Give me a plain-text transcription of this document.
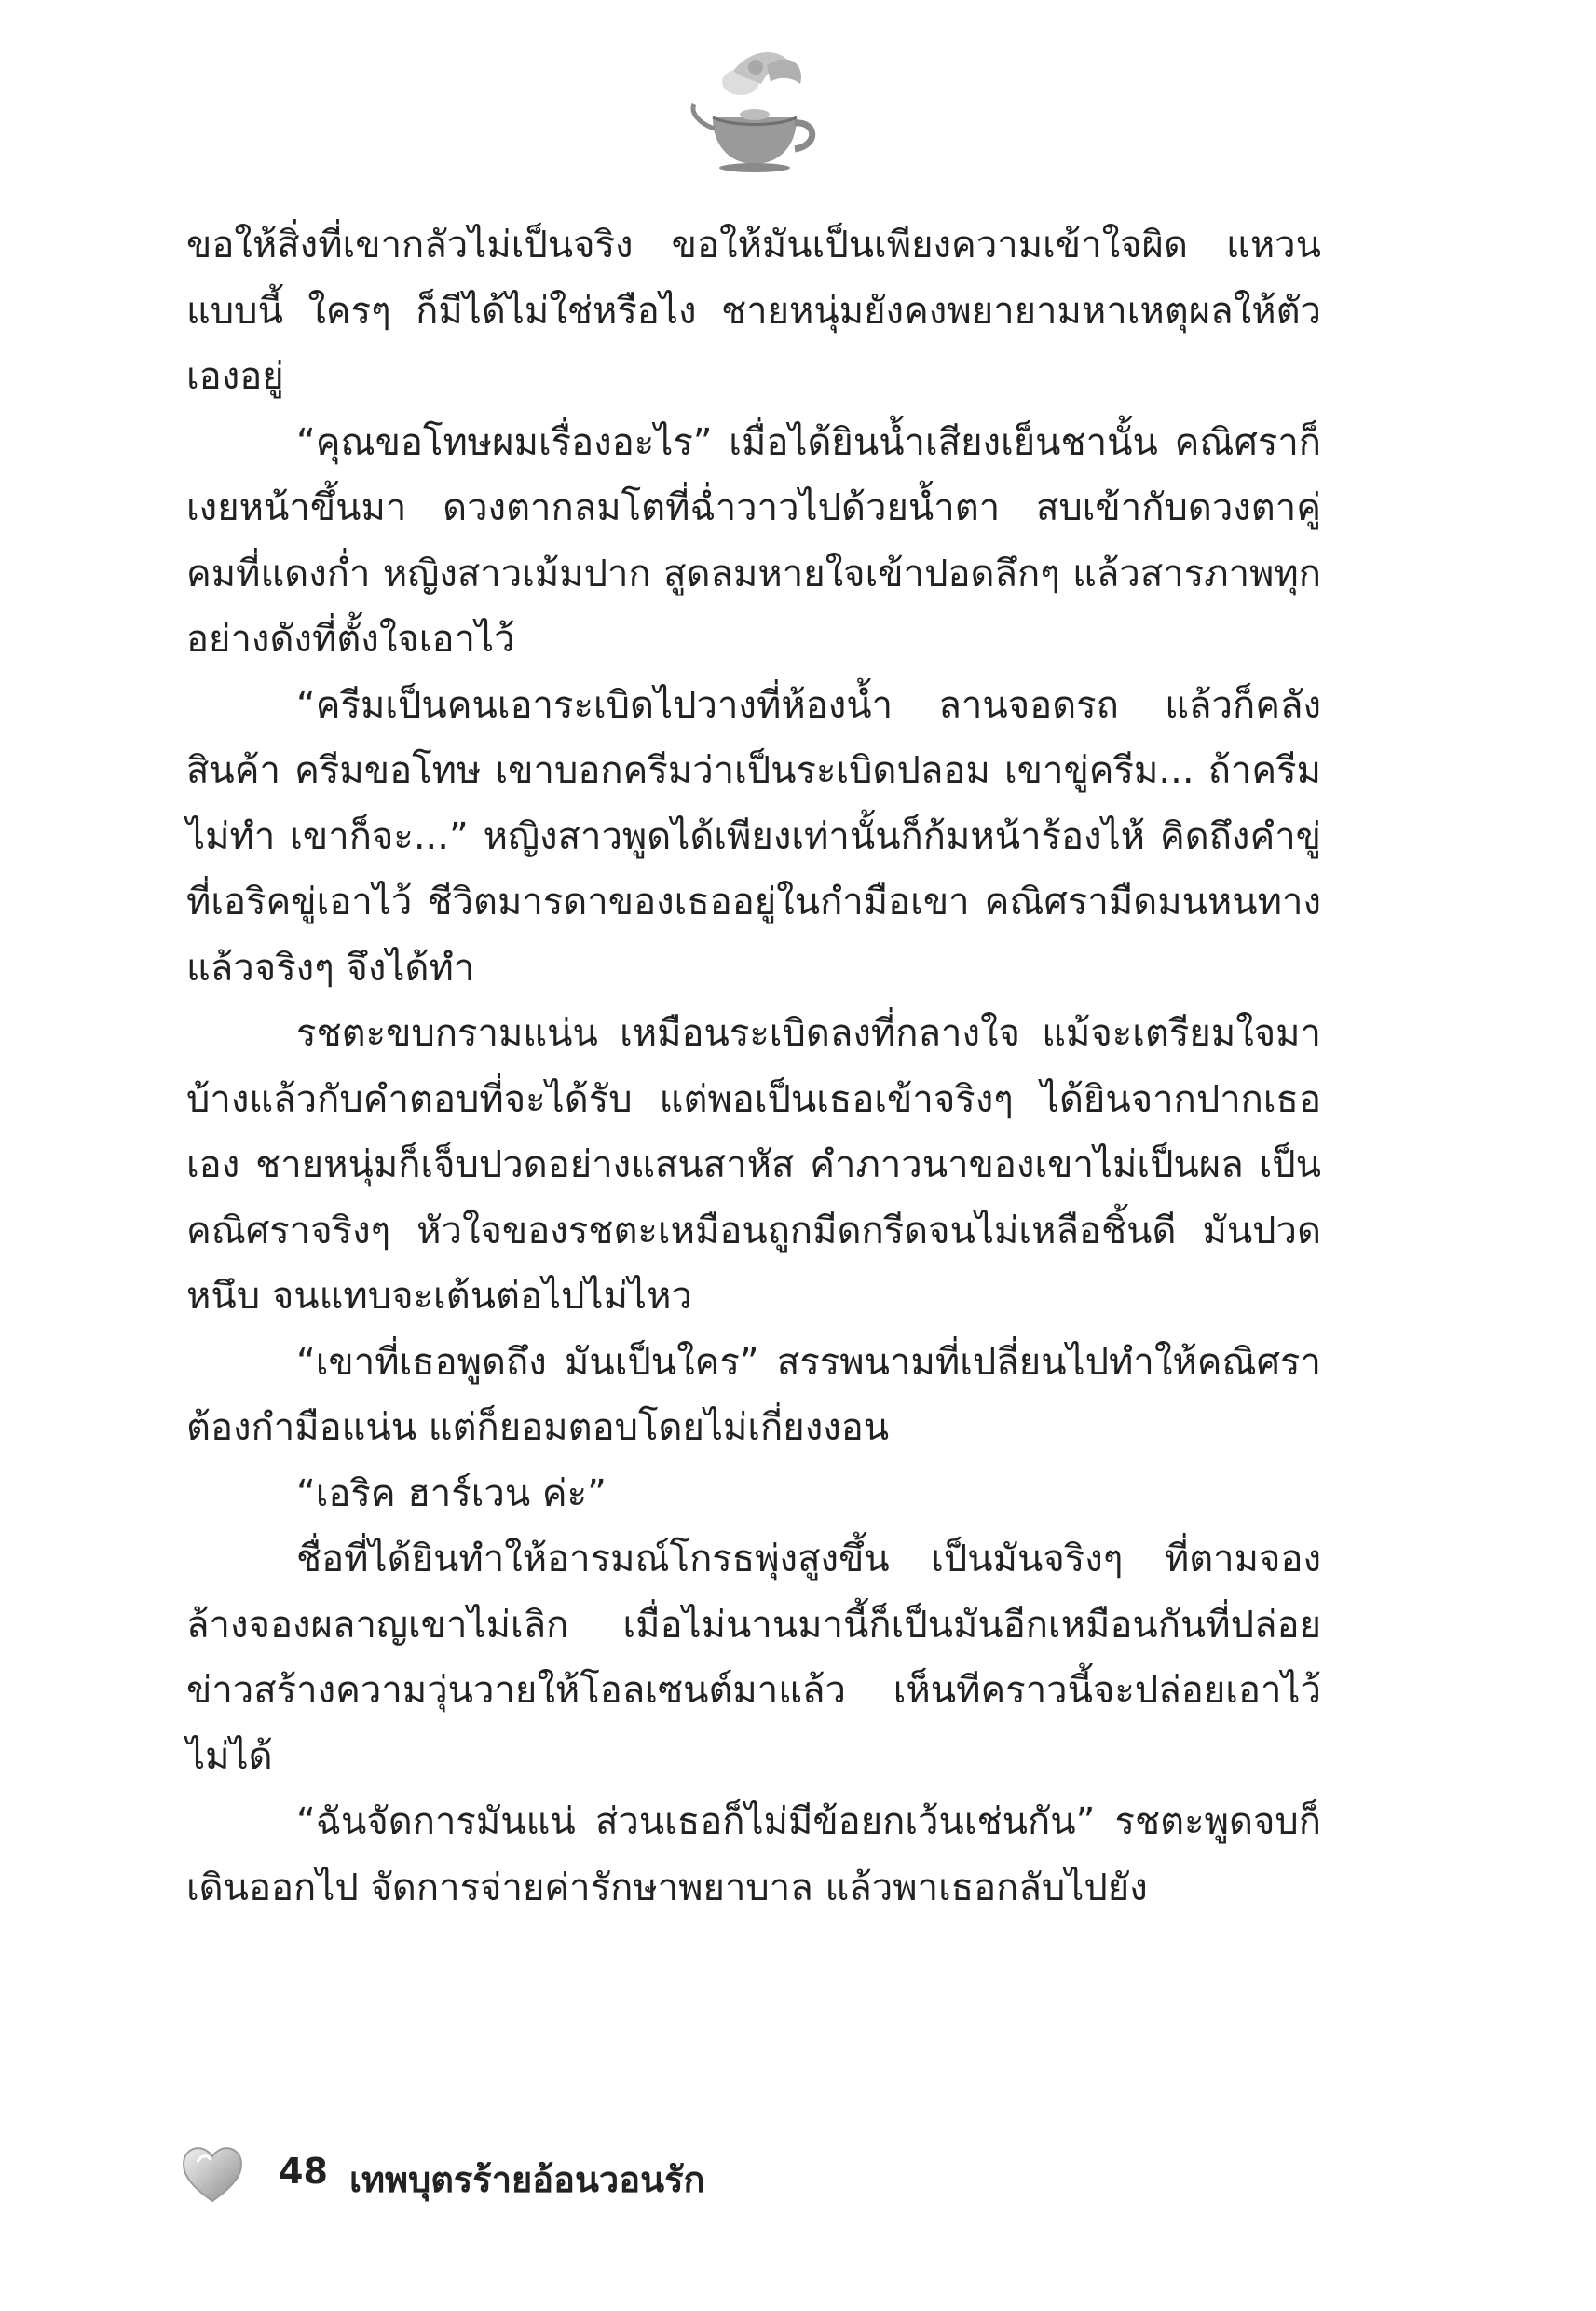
ขอให้สิ่งที่เขากลัวไม่เป็นจริง ขอให้มันเป็นเพียงความเข้าใจผิด แหวนแบบนี้ ใครๆ ก็มีได้ไม่ใช่หรือไง ชายหนุ่มยังคงพยายามหาเหตุผลให้ตัวเองอยู่

“คุณขอโทษผมเรื่องอะไร” เมื่อได้ยินน้ำเสียงเย็นชานั้น คณิศราก็เงยหน้าขึ้นมา ดวงตากลมโตที่ฉ่ำวาวไปด้วยน้ำตา สบเข้ากับดวงตาคู่คมที่แดงก่ำ หญิงสาวเม้มปาก สูดลมหายใจเข้าปอดลึกๆ แล้วสารภาพทุกอย่างดังที่ตั้งใจเอาไว้

“ครีมเป็นคนเอาระเบิดไปวางที่ห้องน้ำ ลานจอดรถ แล้วก็คลังสินค้า ครีมขอโทษ เขาบอกครีมว่าเป็นระเบิดปลอม เขาขู่ครีม... ถ้าครีมไม่ทำ เขาก็จะ...” หญิงสาวพูดได้เพียงเท่านั้นก็ก้มหน้าร้องไห้ คิดถึงคำขู่ที่เอริคขู่เอาไว้ ชีวิตมารดาของเธออยู่ในกำมือเขา คณิศรามืดมนหนทางแล้วจริงๆ จึงได้ทำ

รชตะขบกรามแน่น เหมือนระเบิดลงที่กลางใจ แม้จะเตรียมใจมาบ้างแล้วกับคำตอบที่จะได้รับ แต่พอเป็นเธอเข้าจริงๆ ได้ยินจากปากเธอเอง ชายหนุ่มก็เจ็บปวดอย่างแสนสาหัส คำภาวนาของเขาไม่เป็นผล เป็นคณิศราจริงๆ หัวใจของรชตะเหมือนถูกมีดกรีดจนไม่เหลือชิ้นดี มันปวดหนึบ จนแทบจะเต้นต่อไปไม่ไหว

“เขาที่เธอพูดถึง มันเป็นใคร” สรรพนามที่เปลี่ยนไปทำให้คณิศราต้องกำมือแน่น แต่ก็ยอมตอบโดยไม่เกี่ยงงอน

“เอริค ฮาร์เวน ค่ะ”

ชื่อที่ได้ยินทำให้อารมณ์โกรธพุ่งสูงขึ้น เป็นมันจริงๆ ที่ตามจองล้างจองผลาญเขาไม่เลิก เมื่อไม่นานมานี้ก็เป็นมันอีกเหมือนกันที่ปล่อยข่าวสร้างความวุ่นวายให้โอลเซนต์มาแล้ว เห็นทีคราวนี้จะปล่อยเอาไว้ไม่ได้

“ฉันจัดการมันแน่ ส่วนเธอก็ไม่มีข้อยกเว้นเช่นกัน” รชตะพูดจบก็เดินออกไป จัดการจ่ายค่ารักษาพยาบาล แล้วพาเธอกลับไปยัง

48 เทพบุตรร้ายอ้อนวอนรัก
